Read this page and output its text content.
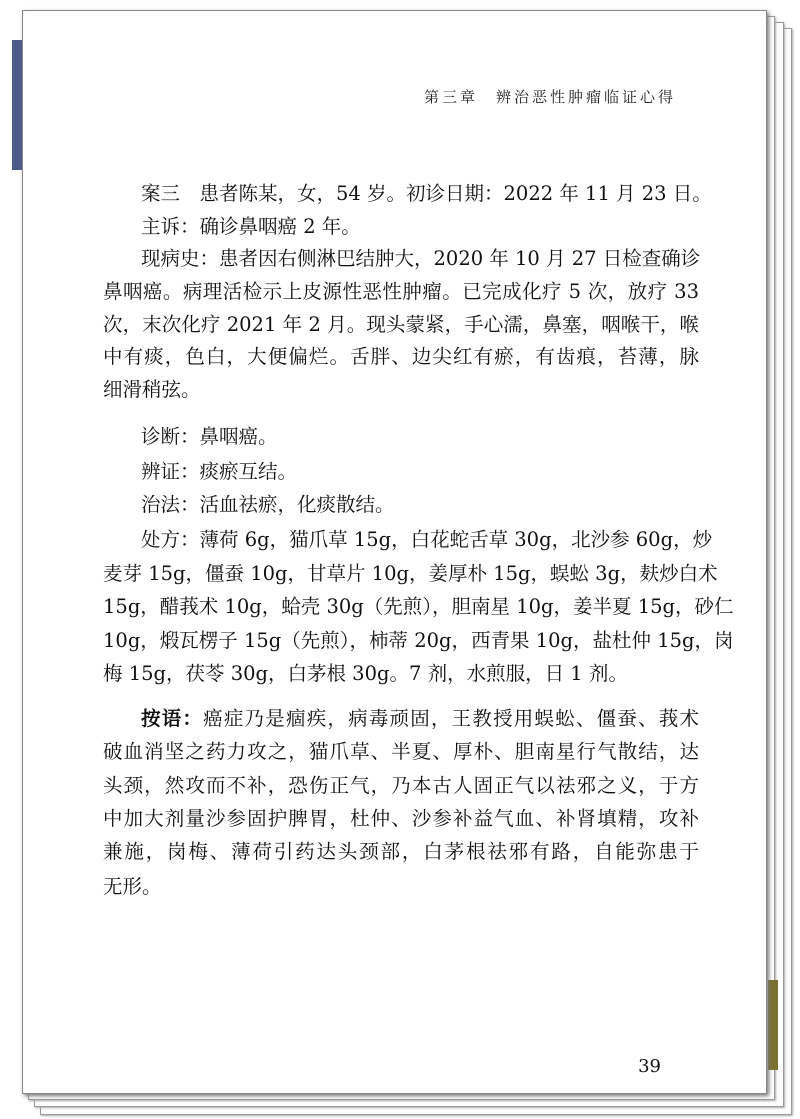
第三章　辨治恶性肿瘤临证心得
案三　患者陈某，女，54 岁。初诊日期：2022 年 11 月 23 日。
主诉：确诊鼻咽癌 2 年。
现病史：患者因右侧淋巴结肿大，2020 年 10 月 27 日检查确诊
鼻咽癌。病理活检示上皮源性恶性肿瘤。已完成化疗 5 次，放疗 33
次，末次化疗 2021 年 2 月。现头蒙紧，手心濡，鼻塞，咽喉干，喉
中有痰，色白，大便偏烂。舌胖、边尖红有瘀，有齿痕，苔薄，脉
细滑稍弦。
诊断：鼻咽癌。
辨证：痰瘀互结。
治法：活血祛瘀，化痰散结。
处方：薄荷 6g，猫爪草 15g，白花蛇舌草 30g，北沙参 60g，炒
麦芽 15g，僵蚕 10g，甘草片 10g，姜厚朴 15g，蜈蚣 3g，麸炒白术
15g，醋莪术 10g，蛤壳 30g（先煎），胆南星 10g，姜半夏 15g，砂仁
10g，煅瓦楞子 15g（先煎），柿蒂 20g，西青果 10g，盐杜仲 15g，岗
梅 15g，茯苓 30g，白茅根 30g。7 剂，水煎服，日 1 剂。
按语：癌症乃是痼疾，病毒顽固，王教授用蜈蚣、僵蚕、莪术
破血消坚之药力攻之，猫爪草、半夏、厚朴、胆南星行气散结，达
头颈，然攻而不补，恐伤正气，乃本古人固正气以祛邪之义，于方
中加大剂量沙参固护脾胃，杜仲、沙参补益气血、补肾填精，攻补
兼施，岗梅、薄荷引药达头颈部，白茅根祛邪有路，自能弥患于
无形。
39
